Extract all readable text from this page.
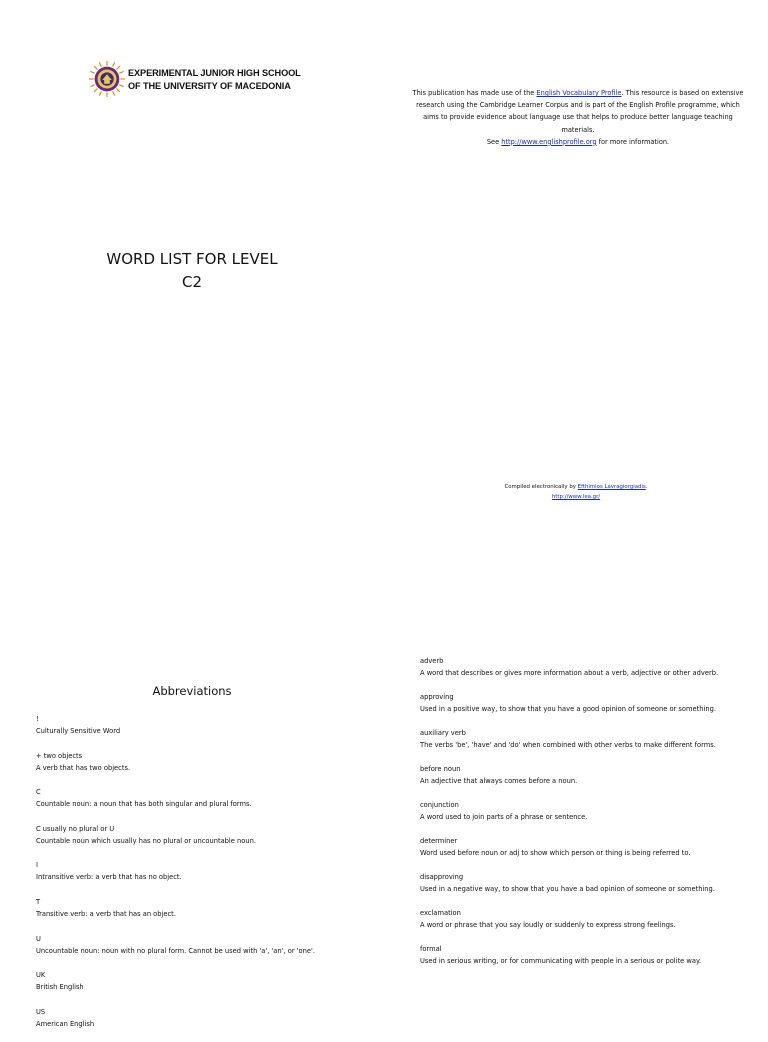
EXPERIMENTAL JUNIOR HIGH SCHOOL
OF THE UNIVERSITY OF MACEDONIA
This publication has made use of the English Vocabulary Profile. This resource is based on extensive research using the Cambridge Learner Corpus and is part of the English Profile programme, which aims to provide evidence about language use that helps to produce better language teaching materials.
See http://www.englishprofile.org for more information.
WORD LIST FOR LEVEL
C2
Compiled electronically by Efthimios Lavragiorgiadis.
http://www.lea.gr/
Abbreviations
!
Culturally Sensitive Word
+ two objects
A verb that has two objects.
C
Countable noun: a noun that has both singular and plural forms.
C usually no plural or U
Countable noun which usually has no plural or uncountable noun.
I
Intransitive verb: a verb that has no object.
T
Transitive verb: a verb that has an object.
U
Uncountable noun: noun with no plural form. Cannot be used with 'a', 'an', or 'one'.
UK
British English
US
American English
adverb
A word that describes or gives more information about a verb, adjective or other adverb.
approving
Used in a positive way, to show that you have a good opinion of someone or something.
auxiliary verb
The verbs 'be', 'have' and 'do' when combined with other verbs to make different forms.
before noun
An adjective that always comes before a noun.
conjunction
A word used to join parts of a phrase or sentence.
determiner
Word used before noun or adj to show which person or thing is being referred to.
disapproving
Used in a negative way, to show that you have a bad opinion of someone or something.
exclamation
A word or phrase that you say loudly or suddenly to express strong feelings.
formal
Used in serious writing, or for communicating with people in a serious or polite way.
